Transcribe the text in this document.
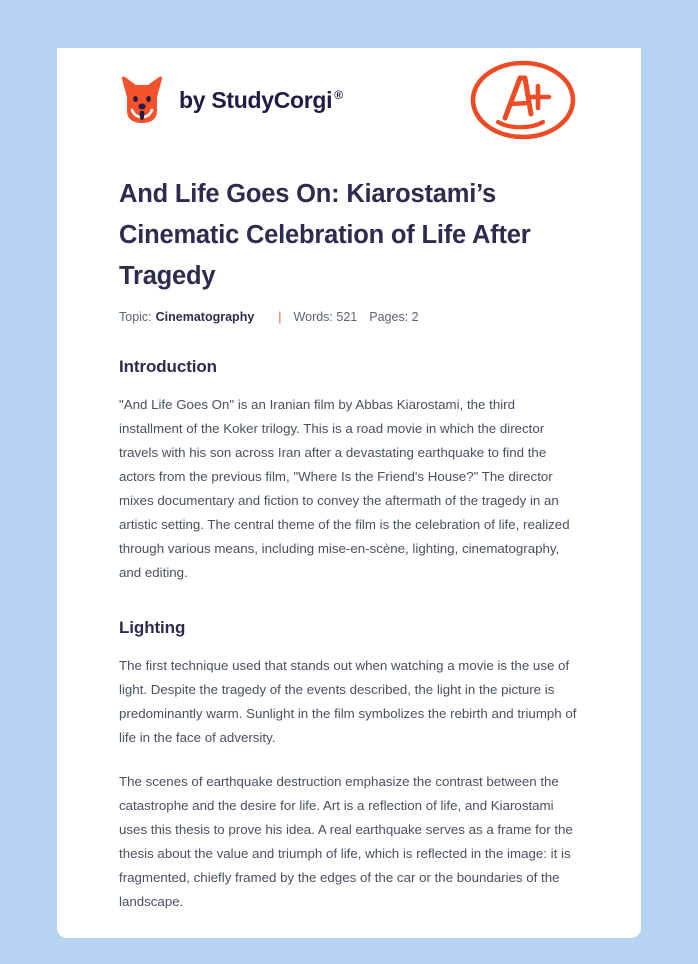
by StudyCorgi ®
And Life Goes On: Kiarostami’s Cinematic Celebration of Life After Tragedy
Topic: Cinematography | Words: 521 Pages: 2
Introduction

"And Life Goes On" is an Iranian film by Abbas Kiarostami, the third installment of the Koker trilogy. This is a road movie in which the director travels with his son across Iran after a devastating earthquake to find the actors from the previous film, "Where Is the Friend's House?" The director mixes documentary and fiction to convey the aftermath of the tragedy in an artistic setting. The central theme of the film is the celebration of life, realized through various means, including mise-en-scène, lighting, cinematography, and editing.

Lighting

The first technique used that stands out when watching a movie is the use of light. Despite the tragedy of the events described, the light in the picture is predominantly warm. Sunlight in the film symbolizes the rebirth and triumph of life in the face of adversity.

The scenes of earthquake destruction emphasize the contrast between the catastrophe and the desire for life. Art is a reflection of life, and Kiarostami uses this thesis to prove his idea. A real earthquake serves as a frame for the thesis about the value and triumph of life, which is reflected in the image: it is fragmented, chiefly framed by the edges of the car or the boundaries of the landscape.
